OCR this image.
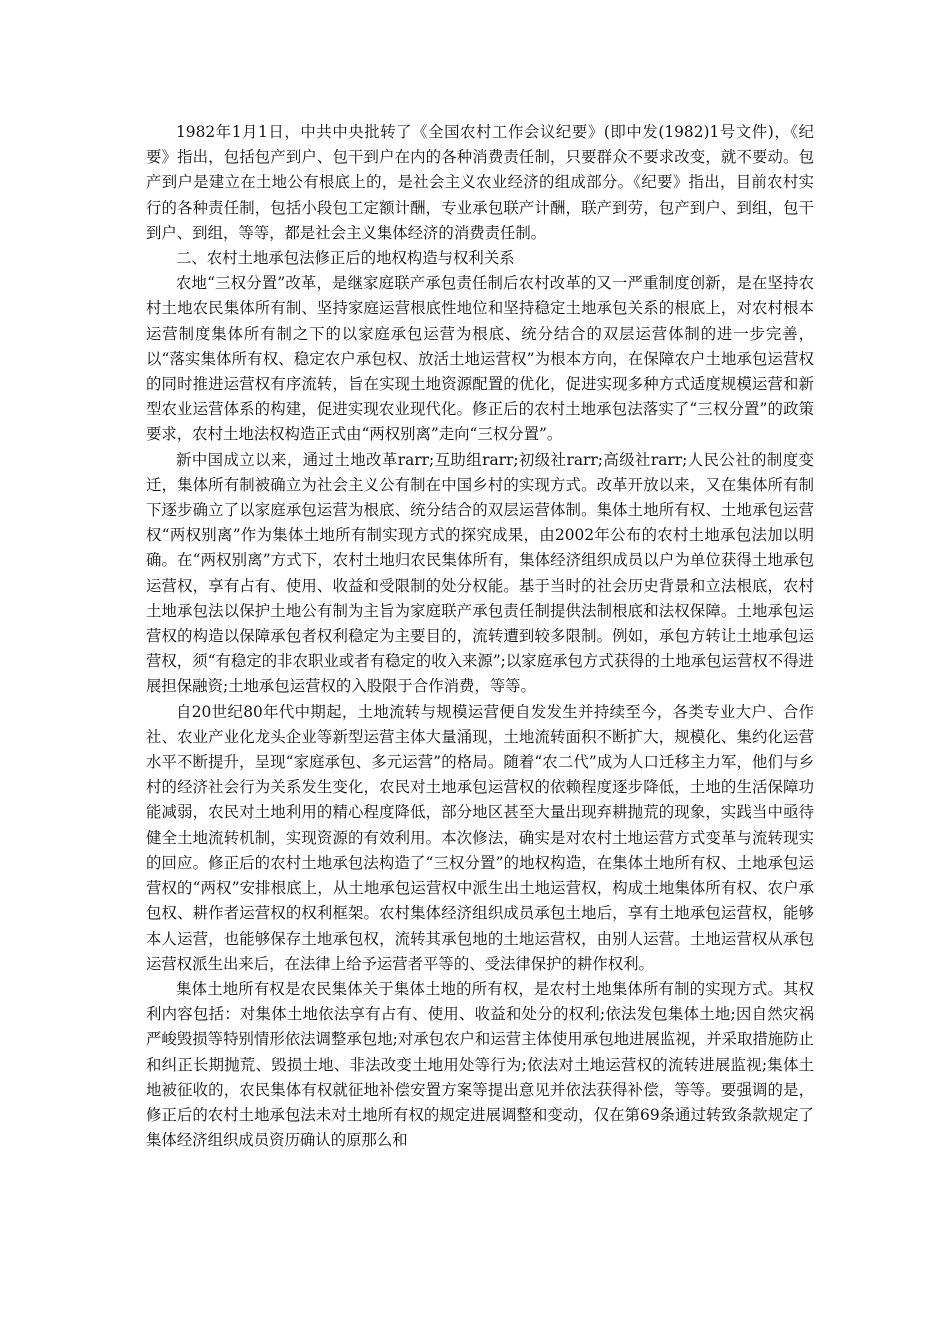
1982年1月1日，中共中央批转了《全国农村工作会议纪要》(即中发(1982)1号文件)，《纪要》指出，包括包产到户、包干到户在内的各种消费责任制，只要群众不要求改变，就不要动。包产到户是建立在土地公有根底上的，是社会主义农业经济的组成部分。《纪要》指出，目前农村实行的各种责任制，包括小段包工定额计酬，专业承包联产计酬，联产到劳，包产到户、到组，包干到户、到组，等等，都是社会主义集体经济的消费责任制。

二、农村土地承包法修正后的地权构造与权利关系

农地“三权分置”改革，是继家庭联产承包责任制后农村改革的又一严重制度创新，是在坚持农村土地农民集体所有制、坚持家庭运营根底性地位和坚持稳定土地承包关系的根底上，对农村根本运营制度集体所有制之下的以家庭承包运营为根底、统分结合的双层运营体制的进一步完善，以“落实集体所有权、稳定农户承包权、放活土地运营权”为根本方向，在保障农户土地承包运营权的同时推进运营权有序流转，旨在实现土地资源配置的优化，促进实现多种方式适度规模运营和新型农业运营体系的构建，促进实现农业现代化。修正后的农村土地承包法落实了“三权分置”的政策要求，农村土地法权构造正式由“两权别离”走向“三权分置”。

新中国成立以来，通过土地改革rarr;互助组rarr;初级社rarr;高级社rarr;人民公社的制度变迁，集体所有制被确立为社会主义公有制在中国乡村的实现方式。改革开放以来，又在集体所有制下逐步确立了以家庭承包运营为根底、统分结合的双层运营体制。集体土地所有权、土地承包运营权“两权别离”作为集体土地所有制实现方式的探究成果，由2002年公布的农村土地承包法加以明确。在“两权别离”方式下，农村土地归农民集体所有，集体经济组织成员以户为单位获得土地承包运营权，享有占有、使用、收益和受限制的处分权能。基于当时的社会历史背景和立法根底，农村土地承包法以保护土地公有制为主旨为家庭联产承包责任制提供法制根底和法权保障。土地承包运营权的构造以保障承包者权利稳定为主要目的，流转遭到较多限制。例如，承包方转让土地承包运营权，须“有稳定的非农职业或者有稳定的收入来源”;以家庭承包方式获得的土地承包运营权不得进展担保融资;土地承包运营权的入股限于合作消费，等等。

自20世纪80年代中期起，土地流转与规模运营便自发发生并持续至今，各类专业大户、合作社、农业产业化龙头企业等新型运营主体大量涌现，土地流转面积不断扩大，规模化、集约化运营水平不断提升，呈现“家庭承包、多元运营”的格局。随着“农二代”成为人口迁移主力军，他们与乡村的经济社会行为关系发生变化，农民对土地承包运营权的依赖程度逐步降低，土地的生活保障功能减弱，农民对土地利用的精心程度降低，部分地区甚至大量出现弃耕抛荒的现象，实践当中亟待健全土地流转机制，实现资源的有效利用。本次修法，确实是对农村土地运营方式变革与流转现实的回应。修正后的农村土地承包法构造了“三权分置”的地权构造，在集体土地所有权、土地承包运营权的“两权”安排根底上，从土地承包运营权中派生出土地运营权，构成土地集体所有权、农户承包权、耕作者运营权的权利框架。农村集体经济组织成员承包土地后，享有土地承包运营权，能够本人运营，也能够保存土地承包权，流转其承包地的土地运营权，由别人运营。土地运营权从承包运营权派生出来后，在法律上给予运营者平等的、受法律保护的耕作权利。

集体土地所有权是农民集体关于集体土地的所有权，是农村土地集体所有制的实现方式。其权利内容包括：对集体土地依法享有占有、使用、收益和处分的权利;依法发包集体土地;因自然灾祸严峻毁损等特别情形依法调整承包地;对承包农户和运营主体使用承包地进展监视，并采取措施防止和纠正长期抛荒、毁损土地、非法改变土地用处等行为;依法对土地运营权的流转进展监视;集体土地被征收的，农民集体有权就征地补偿安置方案等提出意见并依法获得补偿，等等。要强调的是，修正后的农村土地承包法未对土地所有权的规定进展调整和变动，仅在第69条通过转致条款规定了集体经济组织成员资历确认的原那么和
